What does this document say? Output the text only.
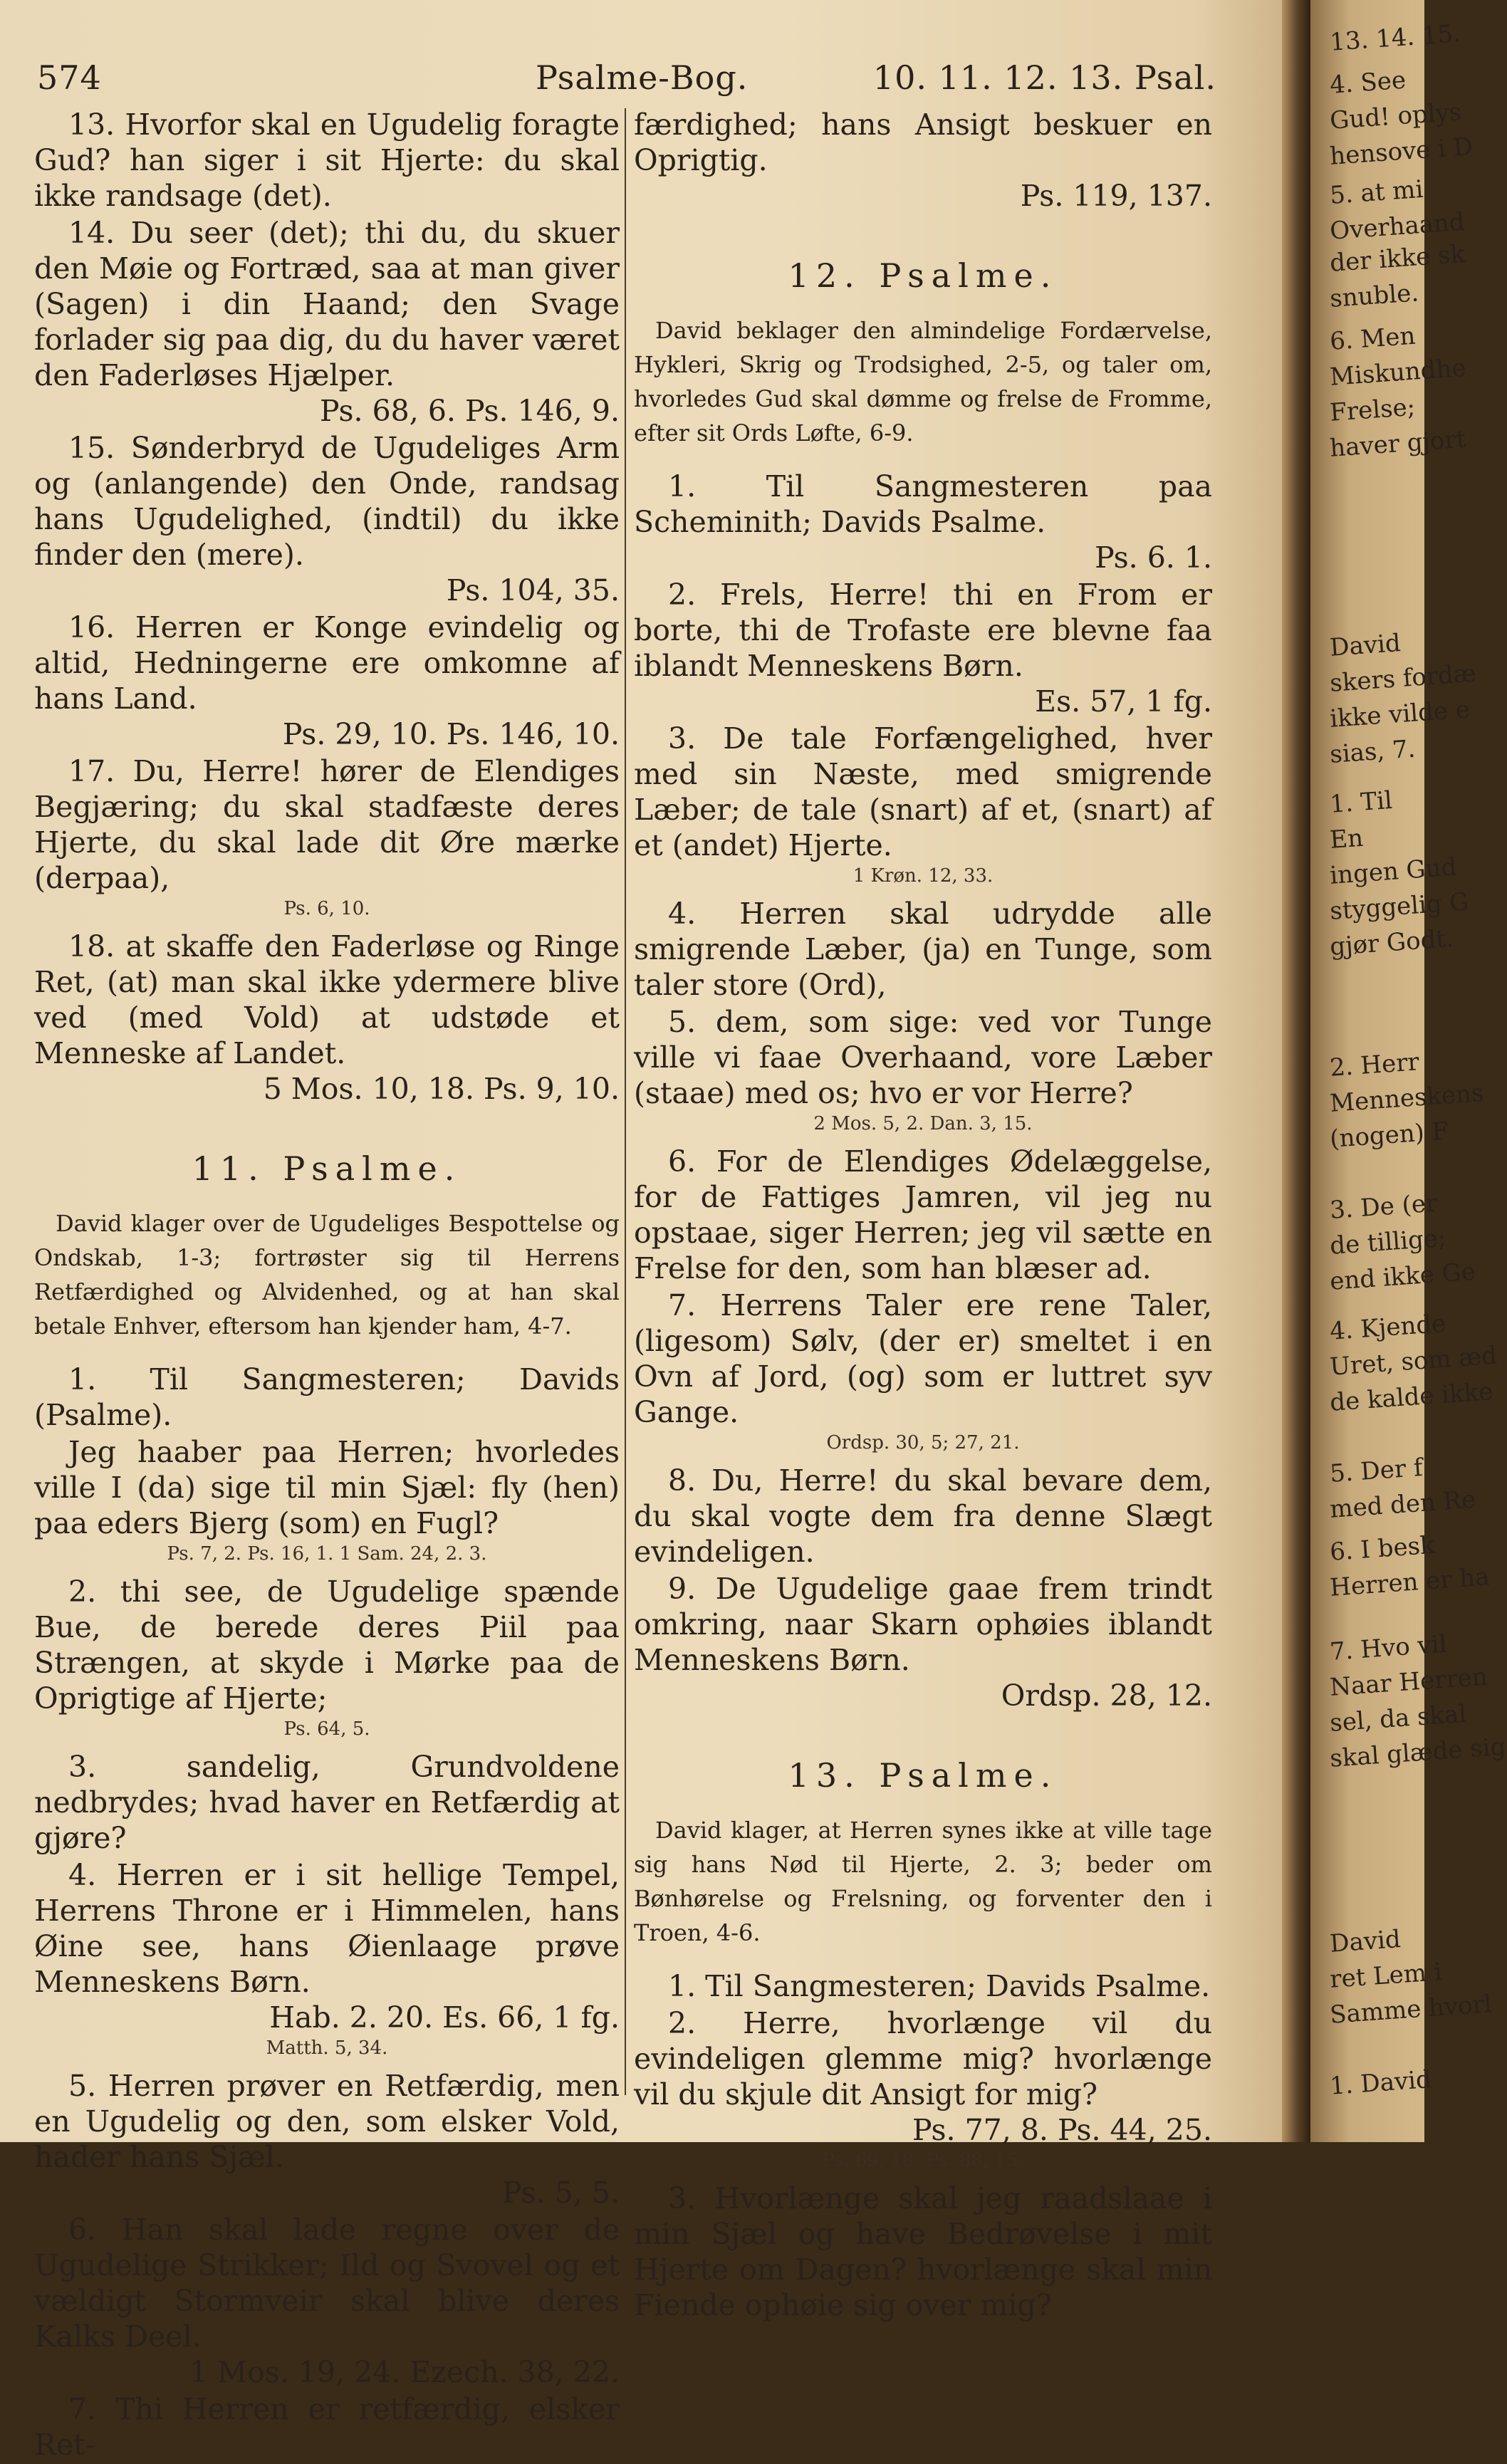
574	Psalme-Bog.	10. 11. 12. 13. Psal.
13. Hvorfor skal en Ugudelig foragte Gud? han siger i sit Hjerte: du skal ikke randsage (det).
14. Du seer (det); thi du, du skuer den Møie og Fortræd, saa at man giver (Sagen) i din Haand; den Svage forlader sig paa dig, du du haver været den Faderløses Hjælper.
Ps. 68, 6. Ps. 146, 9.
15. Sønderbryd de Ugudeliges Arm og (anlangende) den Onde, randsag hans Ugudelighed, (indtil) du ikke finder den (mere).
Ps. 104, 35.
16. Herren er Konge evindelig og altid, Hedningerne ere omkomne af hans Land.
Ps. 29, 10. Ps. 146, 10.
17. Du, Herre! hører de Elendiges Begjæring; du skal stadfæste deres Hjerte, du skal lade dit Øre mærke (derpaa),
Ps. 6, 10.
18. at skaffe den Faderløse og Ringe Ret, (at) man skal ikke ydermere blive ved (med Vold) at udstøde et Menneske af Landet.
5 Mos. 10, 18. Ps. 9, 10.
11. Psalme.
David klager over de Ugudeliges Bespottelse og Ondskab, 1-3; fortrøster sig til Herrens Retfærdighed og Alvidenhed, og at han skal betale Enhver, eftersom han kjender ham, 4-7.
1. Til Sangmesteren; Davids (Psalme).
Jeg haaber paa Herren; hvorledes ville I (da) sige til min Sjæl: fly (hen) paa eders Bjerg (som) en Fugl?
Ps. 7, 2. Ps. 16, 1. 1 Sam. 24, 2. 3.
2. thi see, de Ugudelige spænde Bue, de berede deres Piil paa Strængen, at skyde i Mørke paa de Oprigtige af Hjerte;
Ps. 64, 5.
3. sandelig, Grundvoldene nedbrydes; hvad haver en Retfærdig at gjøre?
4. Herren er i sit hellige Tempel, Herrens Throne er i Himmelen, hans Øine see, hans Øienlaage prøve Menneskens Børn.
Hab. 2. 20. Es. 66, 1 fg.
Matth. 5, 34.
5. Herren prøver en Retfærdig, men en Ugudelig og den, som elsker Vold, hader hans Sjæl.
Ps. 5, 5.
6. Han skal lade regne over de Ugudelige Strikker; Ild og Svovel og et vældigt Stormveir skal blive deres Kalks Deel.
1 Mos. 19, 24. Ezech. 38, 22.
7. Thi Herren er retfærdig, elsker Ret-
færdighed; hans Ansigt beskuer en Oprigtig.
Ps. 119, 137.
12. Psalme.
David beklager den almindelige Fordærvelse, Hykleri, Skrig og Trodsighed, 2-5, og taler om, hvorledes Gud skal dømme og frelse de Fromme, efter sit Ords Løfte, 6-9.
1. Til Sangmesteren paa Scheminith; Davids Psalme.
Ps. 6. 1.
2. Frels, Herre! thi en From er borte, thi de Trofaste ere blevne faa iblandt Menneskens Børn.
Es. 57, 1 fg.
3. De tale Forfængelighed, hver med sin Næste, med smigrende Læber; de tale (snart) af et, (snart) af et (andet) Hjerte.
1 Krøn. 12, 33.
4. Herren skal udrydde alle smigrende Læber, (ja) en Tunge, som taler store (Ord),
5. dem, som sige: ved vor Tunge ville vi faae Overhaand, vore Læber (staae) med os; hvo er vor Herre?
2 Mos. 5, 2. Dan. 3, 15.
6. For de Elendiges Ødelæggelse, for de Fattiges Jamren, vil jeg nu opstaae, siger Herren; jeg vil sætte en Frelse for den, som han blæser ad.
7. Herrens Taler ere rene Taler, (ligesom) Sølv, (der er) smeltet i en Ovn af Jord, (og) som er luttret syv Gange.
Ordsp. 30, 5; 27, 21.
8. Du, Herre! du skal bevare dem, du skal vogte dem fra denne Slægt evindeligen.
9. De Ugudelige gaae frem trindt omkring, naar Skarn ophøies iblandt Menneskens Børn.
Ordsp. 28, 12.
13. Psalme.
David klager, at Herren synes ikke at ville tage sig hans Nød til Hjerte, 2. 3; beder om Bønhørelse og Frelsning, og forventer den i Troen, 4-6.
1. Til Sangmesteren; Davids Psalme.
2. Herre, hvorlænge vil du evindeligen glemme mig? hvorlænge vil du skjule dit Ansigt for mig?
Ps. 77, 8. Ps. 44, 25.
Ps. 69, 18. Ps. 88, 15.
3. Hvorlænge skal jeg raadslaae i min Sjæl og have Bedrøvelse i mit Hjerte om Dagen? hvorlænge skal min Fiende ophøie sig over mig?
13. 14. 15.
4. See
Gud! oplys
hensove i D
5. at mi
Overhaand
der ikke sk
snuble.
6. Men
Miskundhe
Frelse;
haver gjort
David
skers fordæ
ikke vilde e
sias, 7.
1. Til
En
ingen Gud
styggelig G
gjør Godt.
2. Herr
Menneskens
(nogen) F
3. De (er
de tillige;
end ikke Ge
4. Kjende
Uret, som æd
de kalde ikke
5. Der f
med den Re
6. I besk
Herren er ha
7. Hvo vil
Naar Herren
sel, da skal
skal glæde sig
David
ret Lem i
Samme hvorl
1. David
